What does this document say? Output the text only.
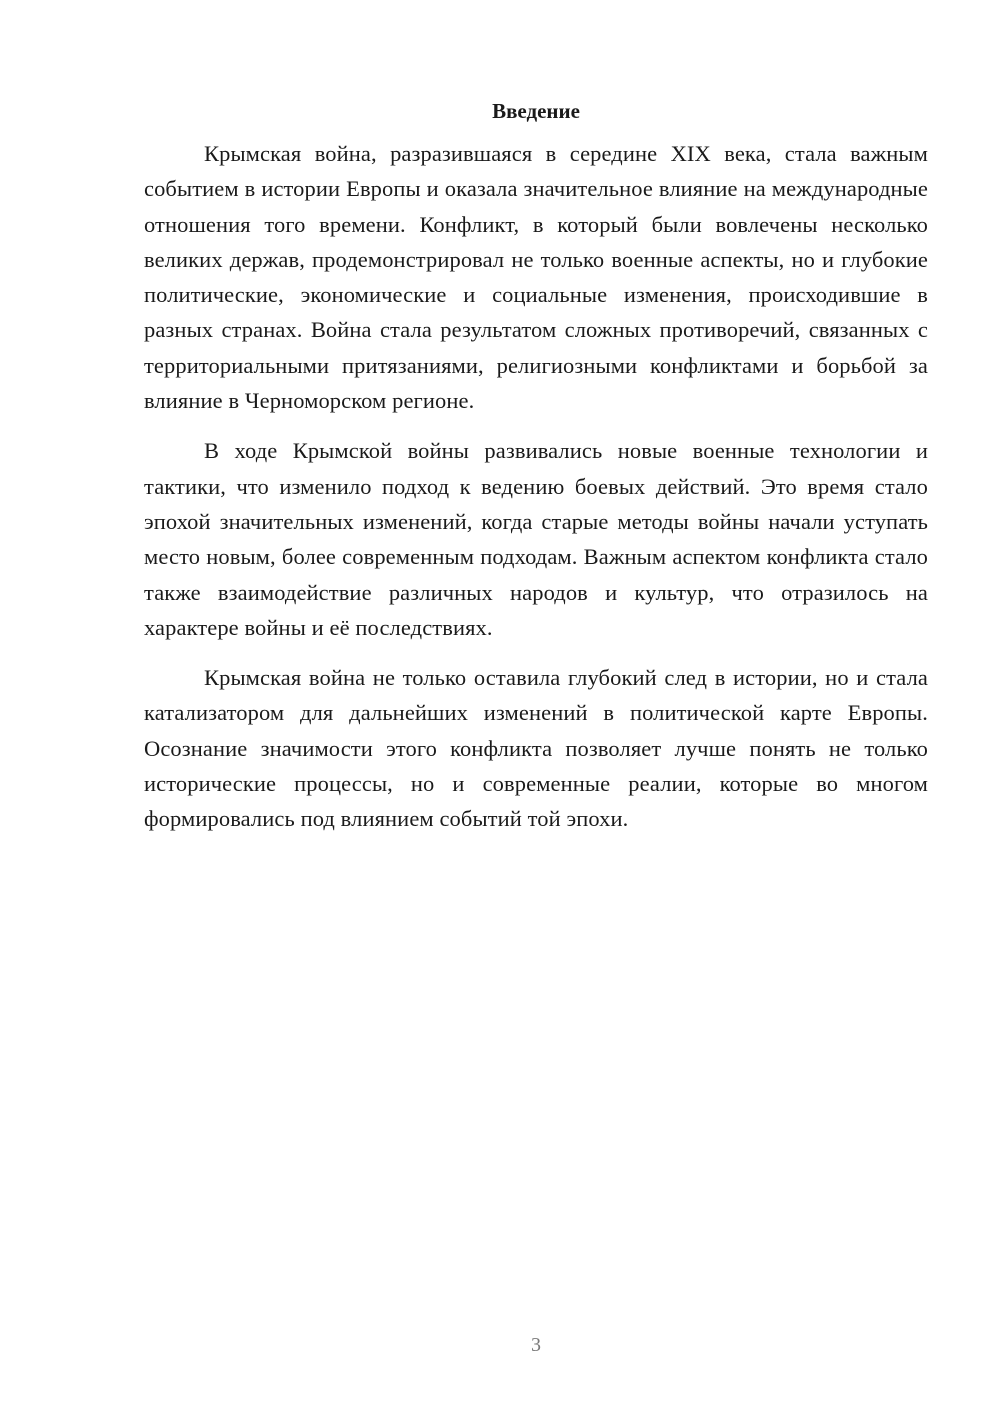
Введение

Крымская война, разразившаяся в середине XIX века, стала важным событием в истории Европы и оказала значительное влияние на международные отношения того времени. Конфликт, в который были вовлечены несколько великих держав, продемонстрировал не только военные аспекты, но и глубокие политические, экономические и социальные изменения, происходившие в разных странах. Война стала результатом сложных противоречий, связанных с территориальными притязаниями, религиозными конфликтами и борьбой за влияние в Черноморском регионе.

В ходе Крымской войны развивались новые военные технологии и тактики, что изменило подход к ведению боевых действий. Это время стало эпохой значительных изменений, когда старые методы войны начали уступать место новым, более современным подходам. Важным аспектом конфликта стало также взаимодействие различных народов и культур, что отразилось на характере войны и её последствиях.

Крымская война не только оставила глубокий след в истории, но и стала катализатором для дальнейших изменений в политической карте Европы. Осознание значимости этого конфликта позволяет лучше понять не только исторические процессы, но и современные реалии, которые во многом формировались под влиянием событий той эпохи.

3
